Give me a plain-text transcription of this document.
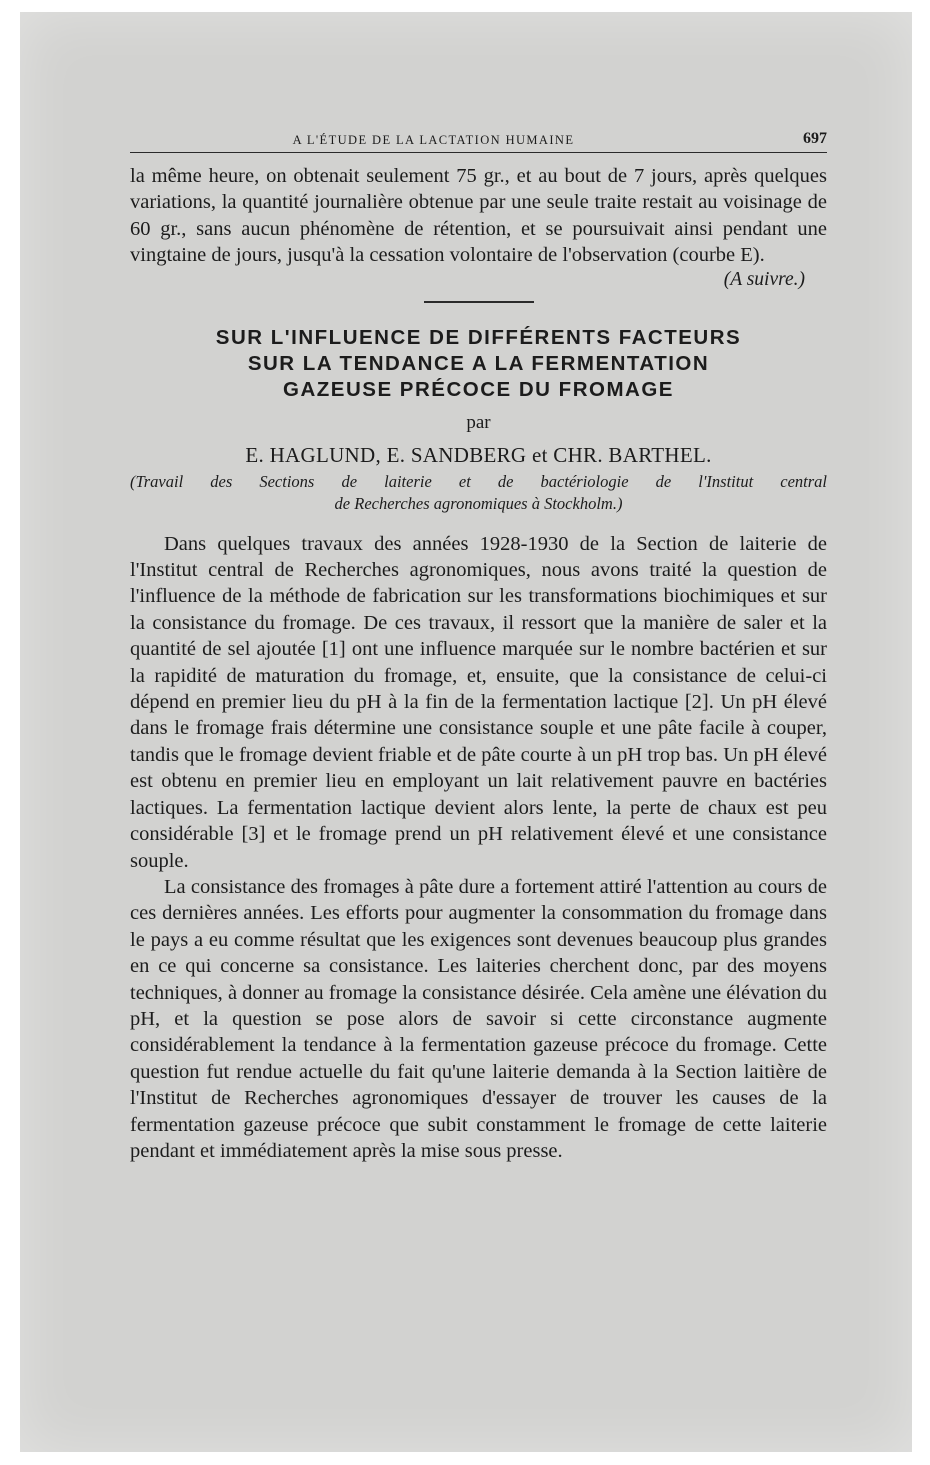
A L'ÉTUDE DE LA LACTATION HUMAINE	697

la même heure, on obtenait seulement 75 gr., et au bout de 7 jours, après quelques variations, la quantité journalière obtenue par une seule traite restait au voisinage de 60 gr., sans aucun phénomène de rétention, et se poursuivait ainsi pendant une vingtaine de jours, jusqu'à la cessation volontaire de l'observation (courbe E).

(A suivre.)

SUR L'INFLUENCE DE DIFFÉRENTS FACTEURS
SUR LA TENDANCE A LA FERMENTATION
GAZEUSE PRÉCOCE DU FROMAGE
par
E. HAGLUND, E. SANDBERG et CHR. BARTHEL.
(Travail des Sections de laiterie et de bactériologie de l'Institut central
de Recherches agronomiques à Stockholm.)

Dans quelques travaux des années 1928-1930 de la Section de laiterie de l'Institut central de Recherches agronomiques, nous avons traité la question de l'influence de la méthode de fabrication sur les transformations biochimiques et sur la consistance du fromage. De ces travaux, il ressort que la manière de saler et la quantité de sel ajoutée [1] ont une influence marquée sur le nombre bactérien et sur la rapidité de maturation du fromage, et, ensuite, que la consistance de celui-ci dépend en premier lieu du pH à la fin de la fermentation lactique [2]. Un pH élevé dans le fromage frais détermine une consistance souple et une pâte facile à couper, tandis que le fromage devient friable et de pâte courte à un pH trop bas. Un pH élevé est obtenu en premier lieu en employant un lait relativement pauvre en bactéries lactiques. La fermentation lactique devient alors lente, la perte de chaux est peu considérable [3] et le fromage prend un pH relativement élevé et une consistance souple.

La consistance des fromages à pâte dure a fortement attiré l'attention au cours de ces dernières années. Les efforts pour augmenter la consommation du fromage dans le pays a eu comme résultat que les exigences sont devenues beaucoup plus grandes en ce qui concerne sa consistance. Les laiteries cherchent donc, par des moyens techniques, à donner au fromage la consistance désirée. Cela amène une élévation du pH, et la question se pose alors de savoir si cette circonstance augmente considérablement la tendance à la fermentation gazeuse précoce du fromage. Cette question fut rendue actuelle du fait qu'une laiterie demanda à la Section laitière de l'Institut de Recherches agronomiques d'essayer de trouver les causes de la fermentation gazeuse précoce que subit constamment le fromage de cette laiterie pendant et immédiatement après la mise sous presse.
